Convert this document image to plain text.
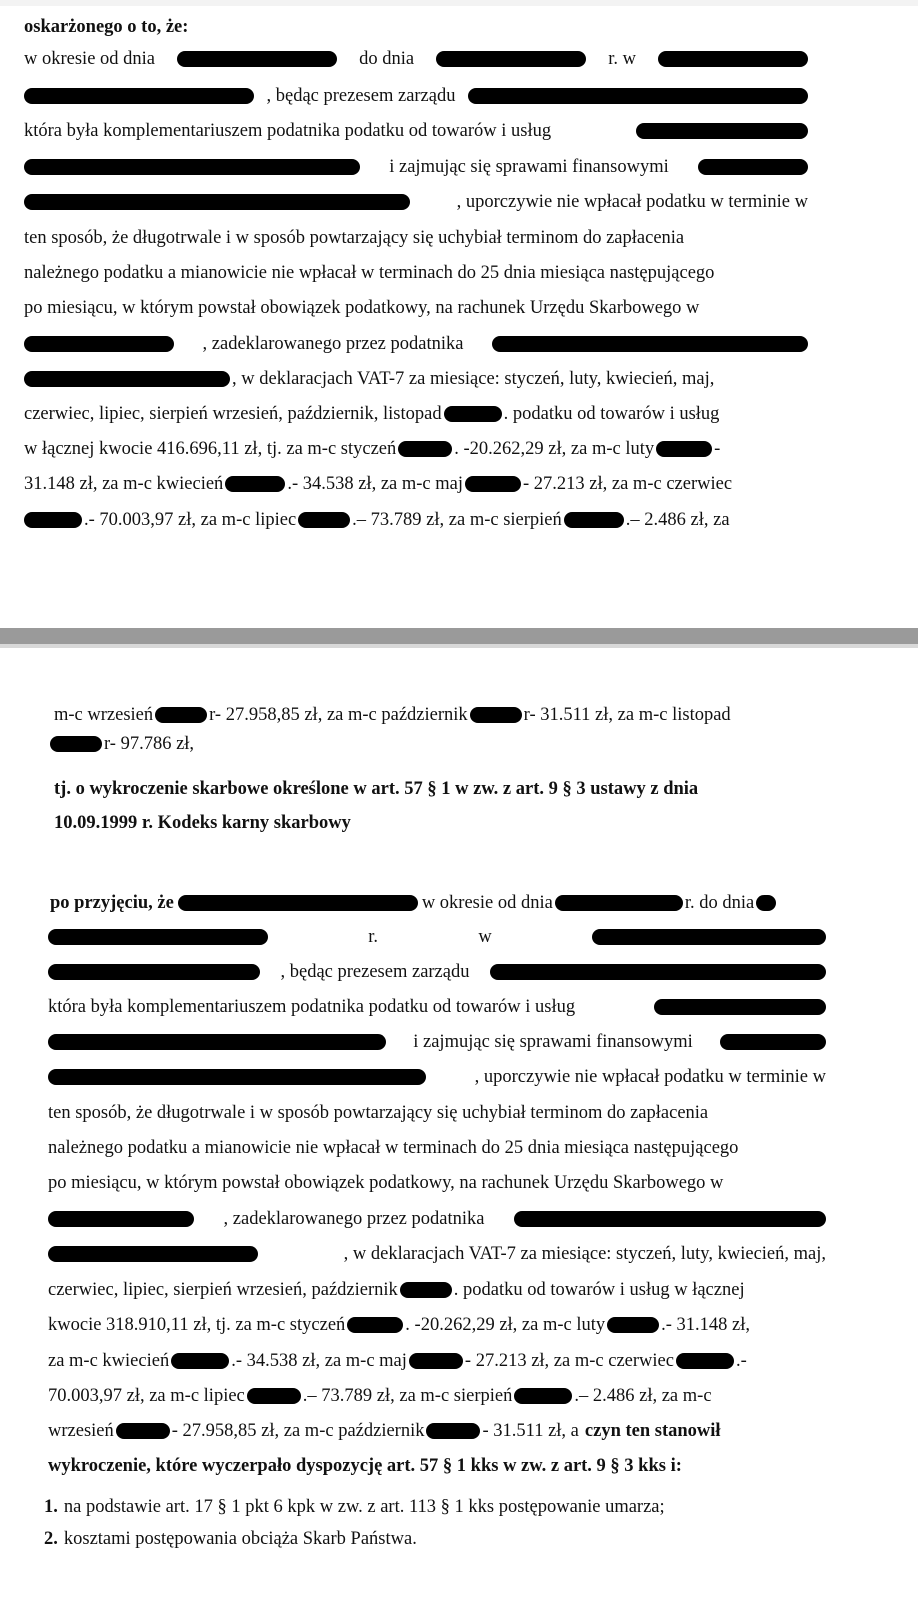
oskarżonego o to, że:
w okresie od dnia	do dnia	r. w
, będąc prezesem zarządu
która była komplementariuszem podatnika podatku od towarów i usług
i zajmując się sprawami finansowymi
, uporczywie nie wpłacał podatku w terminie w
ten sposób, że długotrwale i w sposób powtarzający się uchybiał terminom do zapłacenia
należnego podatku a mianowicie nie wpłacał w terminach do 25 dnia miesiąca następującego
po miesiącu, w którym powstał obowiązek podatkowy, na rachunek Urzędu Skarbowego w
, zadeklarowanego przez podatnika
, w deklaracjach VAT-7 za miesiące: styczeń, luty, kwiecień, maj,
czerwiec, lipiec, sierpień wrzesień, październik, listopad	. podatku od towarów i usług
w łącznej kwocie 416.696,11 zł, tj. za m-c styczeń	. -20.262,29 zł, za m-c luty	-
31.148 zł, za m-c kwiecień	.- 34.538 zł, za m-c maj	- 27.213 zł, za m-c czerwiec
.- 70.003,97 zł, za m-c lipiec	.– 73.789 zł, za m-c sierpień	.– 2.486 zł, za
m-c wrzesień	r- 27.958,85 zł, za m-c październik	r- 31.511 zł, za m-c listopad
r- 97.786 zł,
tj. o wykroczenie skarbowe określone w art. 57 § 1 w zw. z art. 9 § 3 ustawy z dnia
10.09.1999 r. Kodeks karny skarbowy
po przyjęciu, że	w okresie od dnia	r. do dnia
r.	w
, będąc prezesem zarządu
która była komplementariuszem podatnika podatku od towarów i usług
i zajmując się sprawami finansowymi
, uporczywie nie wpłacał podatku w terminie w
ten sposób, że długotrwale i w sposób powtarzający się uchybiał terminom do zapłacenia
należnego podatku a mianowicie nie wpłacał w terminach do 25 dnia miesiąca następującego
po miesiącu, w którym powstał obowiązek podatkowy, na rachunek Urzędu Skarbowego w
, zadeklarowanego przez podatnika
, w deklaracjach VAT-7 za miesiące: styczeń, luty, kwiecień, maj,
czerwiec, lipiec, sierpień wrzesień, październik	. podatku od towarów i usług w łącznej
kwocie 318.910,11 zł, tj. za m-c styczeń	. -20.262,29 zł, za m-c luty	.- 31.148 zł,
za m-c kwiecień	.- 34.538 zł, za m-c maj	- 27.213 zł, za m-c czerwiec	.-
70.003,97 zł, za m-c lipiec	.– 73.789 zł, za m-c sierpień	.– 2.486 zł, za m-c
wrzesień	- 27.958,85 zł, za m-c październik	- 31.511 zł, a czyn ten stanowił
wykroczenie, które wyczerpało dyspozycję art. 57 § 1 kks w zw. z art. 9 § 3 kks i:
1. na podstawie art. 17 § 1 pkt 6 kpk w zw. z art. 113 § 1 kks postępowanie umarza;
2. kosztami postępowania obciąża Skarb Państwa.
